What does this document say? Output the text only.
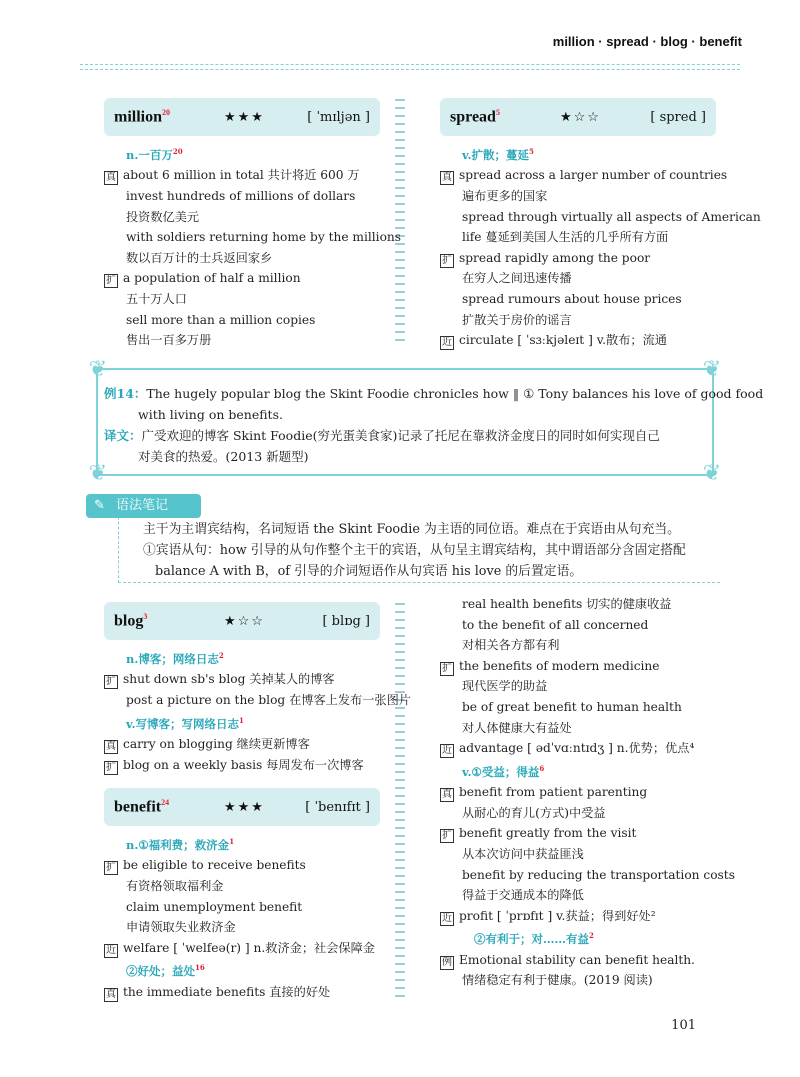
million · spread · blog · benefit
million$^{20}$	★★★	[ ˈmɪljən ]
n.一百万$^{20}$
真 about 6 million in total 共计将近 600 万
invest hundreds of millions of dollars
投资数亿美元
with soldiers returning home by the millions
数以百万计的士兵返回家乡
扩 a population of half a million
五十万人口
sell more than a million copies
售出一百多万册
spread$^5$	★☆☆	[ spred ]
v.扩散；蔓延$^5$
真 spread across a larger number of countries
遍布更多的国家
spread through virtually all aspects of American
life 蔓延到美国人生活的几乎所有方面
扩 spread rapidly among the poor
在穷人之间迅速传播
spread rumours about house prices
扩散关于房价的谣言
近 circulate [ ˈsɜːkjəleɪt ] v.散布；流通
❦	❦
❦	❦
例14：The hugely popular blog the Skint Foodie chronicles how ‖ ① Tony balances his love of good food
with living on benefits.
译文：广受欢迎的博客 Skint Foodie(穷光蛋美食家)记录了托尼在靠救济金度日的同时如何实现自己
对美食的热爱。(2013 新题型)
✎ 语法笔记
主干为主谓宾结构，名词短语 the Skint Foodie 为主语的同位语。难点在于宾语由从句充当。
①宾语从句：how 引导的从句作整个主干的宾语，从句呈主谓宾结构，其中谓语部分含固定搭配
balance A with B，of 引导的介词短语作从句宾语 his love 的后置定语。
blog$^3$	★☆☆	[ blɒg ]
n.博客；网络日志$^2$
扩 shut down sb's blog 关掉某人的博客
post a picture on the blog 在博客上发布一张图片
v.写博客；写网络日志$^1$
真 carry on blogging 继续更新博客
扩 blog on a weekly basis 每周发布一次博客
benefit$^{24}$	★★★	[ ˈbenɪfɪt ]
n.①福利费；救济金$^1$
扩 be eligible to receive benefits
有资格领取福利金
claim unemployment benefit
申请领取失业救济金
近 welfare [ ˈwelfeə(r) ] n.救济金；社会保障金
②好处；益处$^{16}$
真 the immediate benefits 直接的好处
real health benefits 切实的健康收益
to the benefit of all concerned
对相关各方都有利
扩 the benefits of modern medicine
现代医学的助益
be of great benefit to human health
对人体健康大有益处
近 advantage [ ədˈvɑːntɪdʒ ] n.优势；优点⁴
v.①受益；得益$^6$
真 benefit from patient parenting
从耐心的育儿(方式)中受益
扩 benefit greatly from the visit
从本次访问中获益匪浅
benefit by reducing the transportation costs
得益于交通成本的降低
近 profit [ ˈprɒfɪt ] v.获益；得到好处²
②有利于；对……有益$^2$
例 Emotional stability can benefit health.
情绪稳定有利于健康。(2019 阅读)
101
